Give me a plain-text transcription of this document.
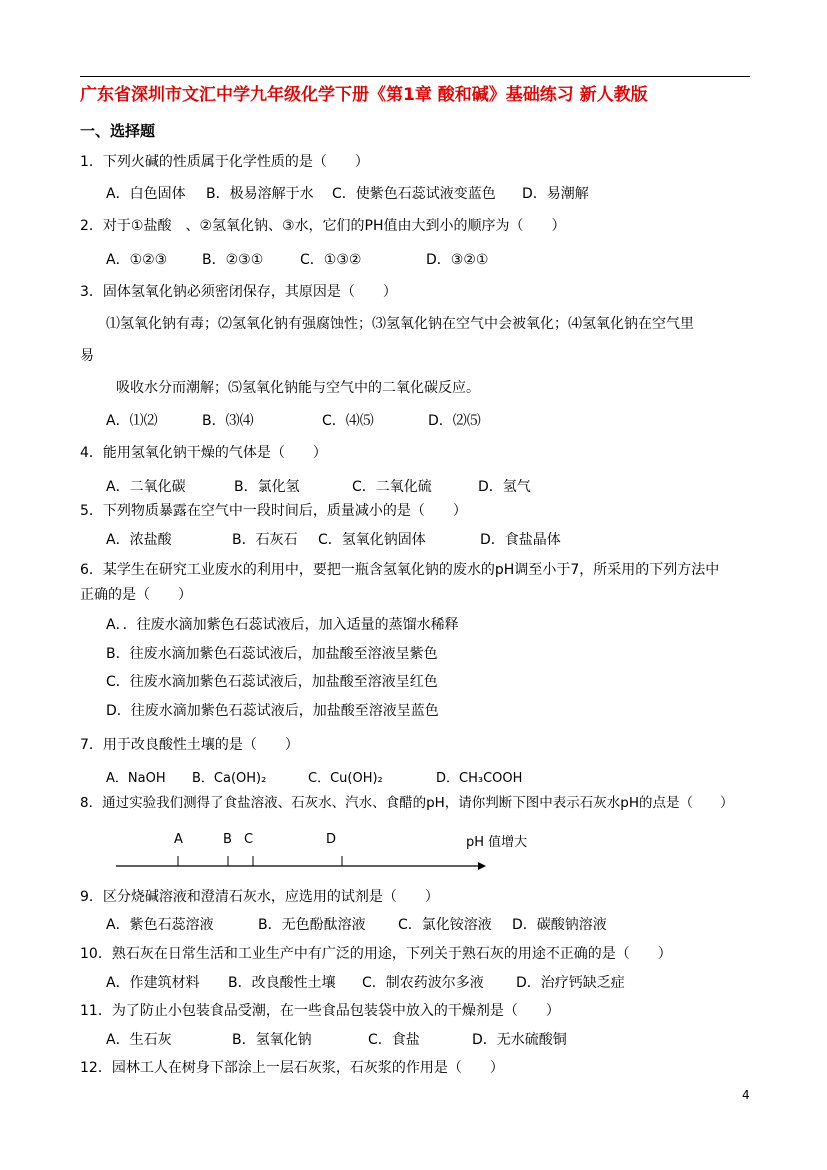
广东省深圳市文汇中学九年级化学下册《第1章 酸和碱》基础练习 新人教版
一、选择题
1．下列火碱的性质属于化学性质的是（　　）
A．白色固体 B．极易溶解于水 C．使紫色石蕊试液变蓝色 D．易潮解
2．对于①盐酸　、②氢氧化钠、③水，它们的PH值由大到小的顺序为（　　）
A．①②③ B．②③①	C．①③②	D．③②①
3．固体氢氧化钠必须密闭保存，其原因是（　　）
⑴氢氧化钠有毒；⑵氢氧化钠有强腐蚀性；⑶氢氧化钠在空气中会被氧化；⑷氢氧化钠在空气里
易
吸收水分而潮解；⑸氢氧化钠能与空气中的二氧化碳反应。
A．⑴⑵	B．⑶⑷	C．⑷⑸	D．⑵⑸
4．能用氢氧化钠干燥的气体是（　　）
A．二氧化碳	B．氯化氢	C．二氧化硫	D．氢气
5．下列物质暴露在空气中一段时间后，质量减小的是（　　）
A．浓盐酸	B．石灰石 C．氢氧化钠固体	D．食盐晶体
6．某学生在研究工业废水的利用中，要把一瓶含氢氧化钠的废水的pH调至小于7，所采用的下列方法中
正确的是（　　）
A．．往废水滴加紫色石蕊试液后，加入适量的蒸馏水稀释
B．往废水滴加紫色石蕊试液后，加盐酸至溶液呈紫色
C．往废水滴加紫色石蕊试液后，加盐酸至溶液呈红色
D．往废水滴加紫色石蕊试液后，加盐酸至溶液呈蓝色
7．用于改良酸性土壤的是（　　）
A．NaOH B．Ca(OH)₂	C．Cu(OH)₂	D．CH₃COOH
8．通过实验我们测得了食盐溶液、石灰水、汽水、食醋的pH，请你判断下图中表示石灰水pH的点是（　　）
A	B C	D	pH 值增大
9．区分烧碱溶液和澄清石灰水，应选用的试剂是（　　）
A．紫色石蕊溶液	B．无色酚酞溶液 C．氯化铵溶液 D．碳酸钠溶液
10．熟石灰在日常生活和工业生产中有广泛的用途，下列关于熟石灰的用途不正确的是（　　）
A．作建筑材料 B．改良酸性土壤 C．制农药波尔多液 D．治疗钙缺乏症
11．为了防止小包装食品受潮，在一些食品包装袋中放入的干燥剂是（　　）
A．生石灰	B．氢氧化钠	C．食盐	D．无水硫酸铜
12．园林工人在树身下部涂上一层石灰浆，石灰浆的作用是（　　）
4
